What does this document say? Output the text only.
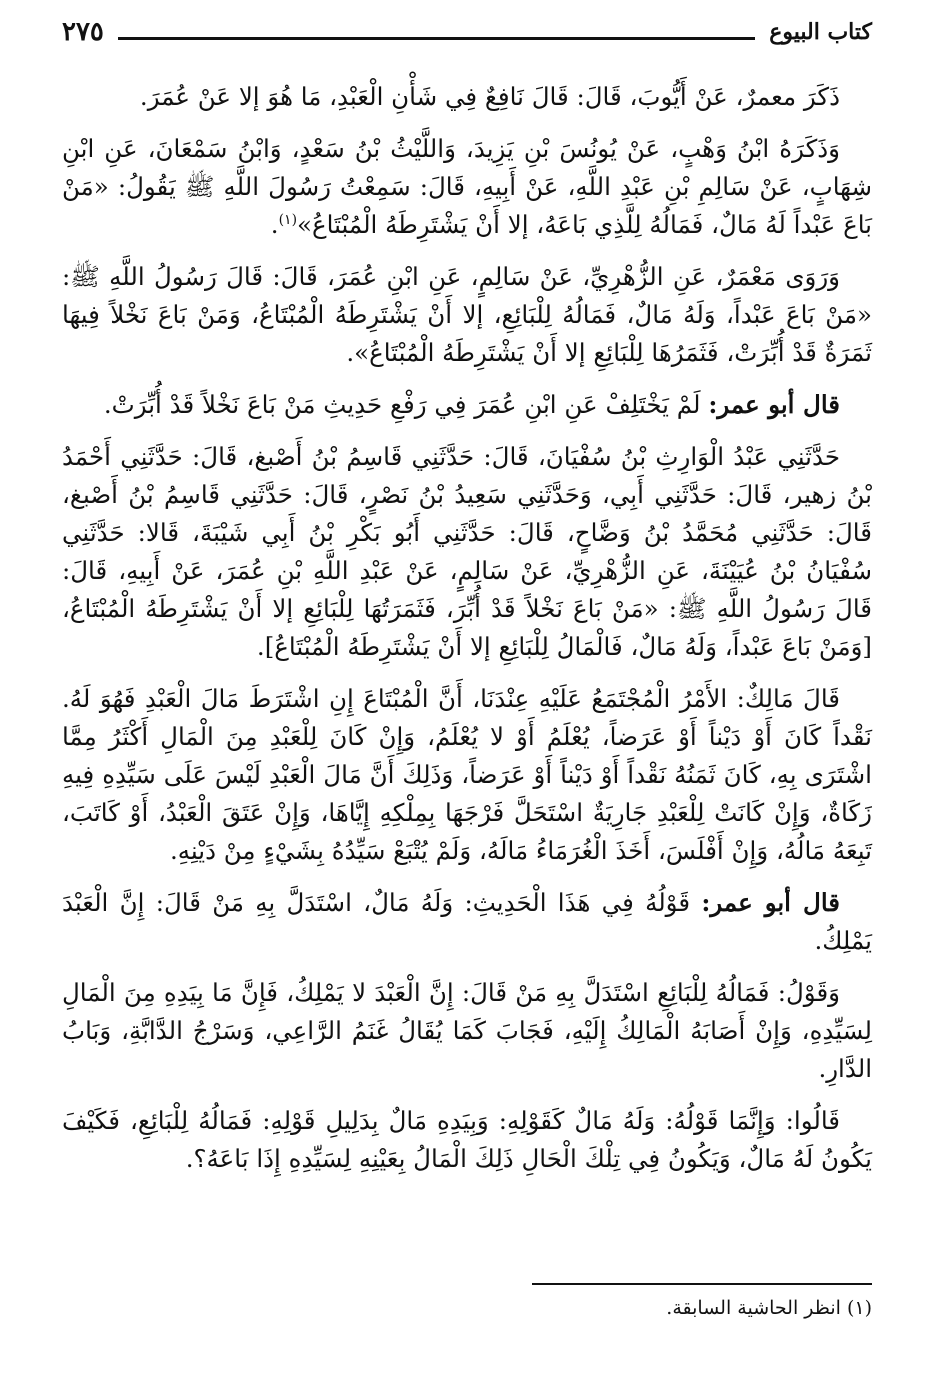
كتاب البيوع
٢٧٥

ذَكَرَ معمرٌ، عَنْ أَيُّوبَ، قَالَ: قَالَ نَافِعٌ فِي شَأْنِ الْعَبْدِ، مَا هُوَ إلا عَنْ عُمَرَ.

وَذَكَرَهُ ابْنُ وَهْبٍ، عَنْ يُونُسَ بْنِ يَزِيدَ، وَاللَّيْثُ بْنُ سَعْدٍ، وَابْنُ سَمْعَانَ، عَنِ ابْنِ شِهَابٍ، عَنْ سَالِمِ بْنِ عَبْدِ اللَّهِ، عَنْ أَبِيهِ، قَالَ: سَمِعْتُ رَسُولَ اللَّهِ ﷺ يَقُولُ: «مَنْ بَاعَ عَبْداً لَهُ مَالٌ، فَمَالُهُ لِلَّذِي بَاعَهُ، إلا أَنْ يَشْتَرِطَهُ الْمُبْتَاعُ»$^{(١)}$.

وَرَوَى مَعْمَرٌ، عَنِ الزُّهْرِيِّ، عَنْ سَالِمٍ، عَنِ ابْنِ عُمَرَ، قَالَ: قَالَ رَسُولُ اللَّهِ ﷺ: «مَنْ بَاعَ عَبْداً، وَلَهُ مَالٌ، فَمَالُهُ لِلْبَائِعِ، إلا أَنْ يَشْتَرِطَهُ الْمُبْتَاعُ، وَمَنْ بَاعَ نَخْلاً فِيهَا ثَمَرَةٌ قَدْ أُبِّرَتْ، فَثَمَرُهَا لِلْبَائِعِ إلا أَنْ يَشْتَرِطَهُ الْمُبْتَاعُ».

قال أبو عمر: لَمْ يَخْتَلِفْ عَنِ ابْنِ عُمَرَ فِي رَفْعِ حَدِيثِ مَنْ بَاعَ نَخْلاً قَدْ أُبِّرَتْ.

حَدَّثَنِي عَبْدُ الْوَارِثِ بْنُ سُفْيَانَ، قَالَ: حَدَّثَنِي قَاسِمُ بْنُ أَصْبغ، قَالَ: حَدَّثَنِي أَحْمَدُ بْنُ زهير، قَالَ: حَدَّثَنِي أَبِي، وَحَدَّثَنِي سَعِيدُ بْنُ نَصْرٍ، قَالَ: حَدَّثَنِي قَاسِمُ بْنُ أَصْبغ، قَالَ: حَدَّثَنِي مُحَمَّدُ بْنُ وَضَّاحٍ، قَالَ: حَدَّثَنِي أَبُو بَكْرِ بْنُ أَبِي شَيْبَةَ، قَالا: حَدَّثَنِي سُفْيَانُ بْنُ عُيَيْنَةَ، عَنِ الزُّهْرِيِّ، عَنْ سَالِمٍ، عَنْ عَبْدِ اللَّهِ بْنِ عُمَرَ، عَنْ أَبِيهِ، قَالَ: قَالَ رَسُولُ اللَّهِ ﷺ: «مَنْ بَاعَ نَخْلاً قَدْ أُبِّرَ، فَثَمَرَتُهَا لِلْبَائِعِ إلا أَنْ يَشْتَرِطَهُ الْمُبْتَاعُ، [وَمَنْ بَاعَ عَبْداً، وَلَهُ مَالٌ، فَالْمَالُ لِلْبَائِعِ إلا أَنْ يَشْتَرِطَهُ الْمُبْتَاعُ].

قَالَ مَالِكٌ: الأَمْرُ الْمُجْتَمَعُ عَلَيْهِ عِنْدَنَا، أَنَّ الْمُبْتَاعَ إِنِ اشْتَرَطَ مَالَ الْعَبْدِ فَهُوَ لَهُ. نَقْداً كَانَ أَوْ دَيْناً أَوْ عَرَضاً، يُعْلَمُ أَوْ لا يُعْلَمُ، وَإِنْ كَانَ لِلْعَبْدِ مِنَ الْمَالِ أَكْثَرُ مِمَّا اشْتَرَى بِهِ، كَانَ ثَمَنُهُ نَقْداً أَوْ دَيْناً أَوْ عَرَضاً، وَذَلِكَ أَنَّ مَالَ الْعَبْدِ لَيْسَ عَلَى سَيِّدِهِ فِيهِ زَكَاةٌ، وَإِنْ كَانَتْ لِلْعَبْدِ جَارِيَةٌ اسْتَحَلَّ فَرْجَهَا بِمِلْكِهِ إِيَّاهَا، وَإِنْ عَتَقَ الْعَبْدُ، أَوْ كَاتَبَ، تَبِعَهُ مَالُهُ، وَإِنْ أَفْلَسَ، أَخَذَ الْغُرَمَاءُ مَالَهُ، وَلَمْ يُتْبَعْ سَيِّدُهُ بِشَيْءٍ مِنْ دَيْنِهِ.

قال أبو عمر: قَوْلُهُ فِي هَذَا الْحَدِيثِ: وَلَهُ مَالٌ، اسْتَدَلَّ بِهِ مَنْ قَالَ: إِنَّ الْعَبْدَ يَمْلِكُ.

وَقَوْلُ: فَمَالُهُ لِلْبَائِعِ اسْتَدَلَّ بِهِ مَنْ قَالَ: إِنَّ الْعَبْدَ لا يَمْلِكُ، فَإِنَّ مَا بِيَدِهِ مِنَ الْمَالِ لِسَيِّدِهِ، وَإِنْ أَصَابَهُ الْمَالِكُ إِلَيْهِ، فَجَابَ كَمَا يُقَالُ غَنَمُ الرَّاعِي، وَسَرْجُ الدَّابَّةِ، وَبَابُ الدَّارِ.

قَالُوا: وَإِنَّمَا قَوْلُهُ: وَلَهُ مَالٌ كَقَوْلِهِ: وَبِيَدِهِ مَالٌ بِدَلِيلِ قَوْلِهِ: فَمَالُهُ لِلْبَائِعِ، فَكَيْفَ يَكُونُ لَهُ مَالٌ، وَيَكُونُ فِي تِلْكَ الْحَالِ ذَلِكَ الْمَالُ بِعَيْنِهِ لِسَيِّدِهِ إِذَا بَاعَهُ؟.

(١) انظر الحاشية السابقة.
